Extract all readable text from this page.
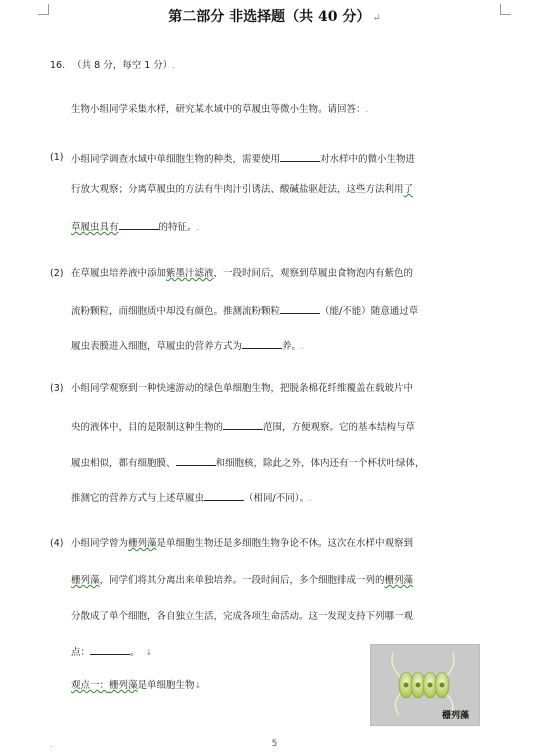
第二部分 非选择题（共 40 分） ↵
16. （共 8 分，每空 1 分）.
生物小组同学采集水样，研究某水域中的草履虫等微小生物。请回答：.
(1) 小组同学调查水域中单细胞生物的种类，需要使用	对水样中的微小生物进
行放大观察；分离草履虫的方法有牛肉汁引诱法、酸碱盐驱赶法，这些方法利用了
草履虫具有	的特征。.
(2) 在草履虫培养液中添加紫墨汁滤液，一段时间后，观察到草履虫食物泡内有紫色的
流粉颗粒，而细胞质中却没有颜色。推测流粉颗粒	（能/不能）随意通过草
履虫表膜进入细胞，草履虫的营养方式为	养。.
(3) 小组同学观察到一种快速游动的绿色单细胞生物，把脱条棉花纤维覆盖在载玻片中
央的液体中，目的是限制这种生物的	范围，方便观察。它的基本结构与草
履虫相似，都有细胞膜、	和细胞核，除此之外，体内还有一个杯状叶绿体，
推测它的营养方式与上述草履虫	（相同/不同）。.
(4) 小组同学曾为栅列藻是单细胞生物还是多细胞生物争论不休。这次在水样中观察到
栅列藻，同学们将其分离出来单独培养。一段时间后，多个细胞排成一列的栅列藻
分散成了单个细胞，各自独立生活，完成各项生命活动。这一发现支持下列哪一观
点：	。 ↓
观点一：栅列藻是单细胞生物↓
栅列藻
.	5
